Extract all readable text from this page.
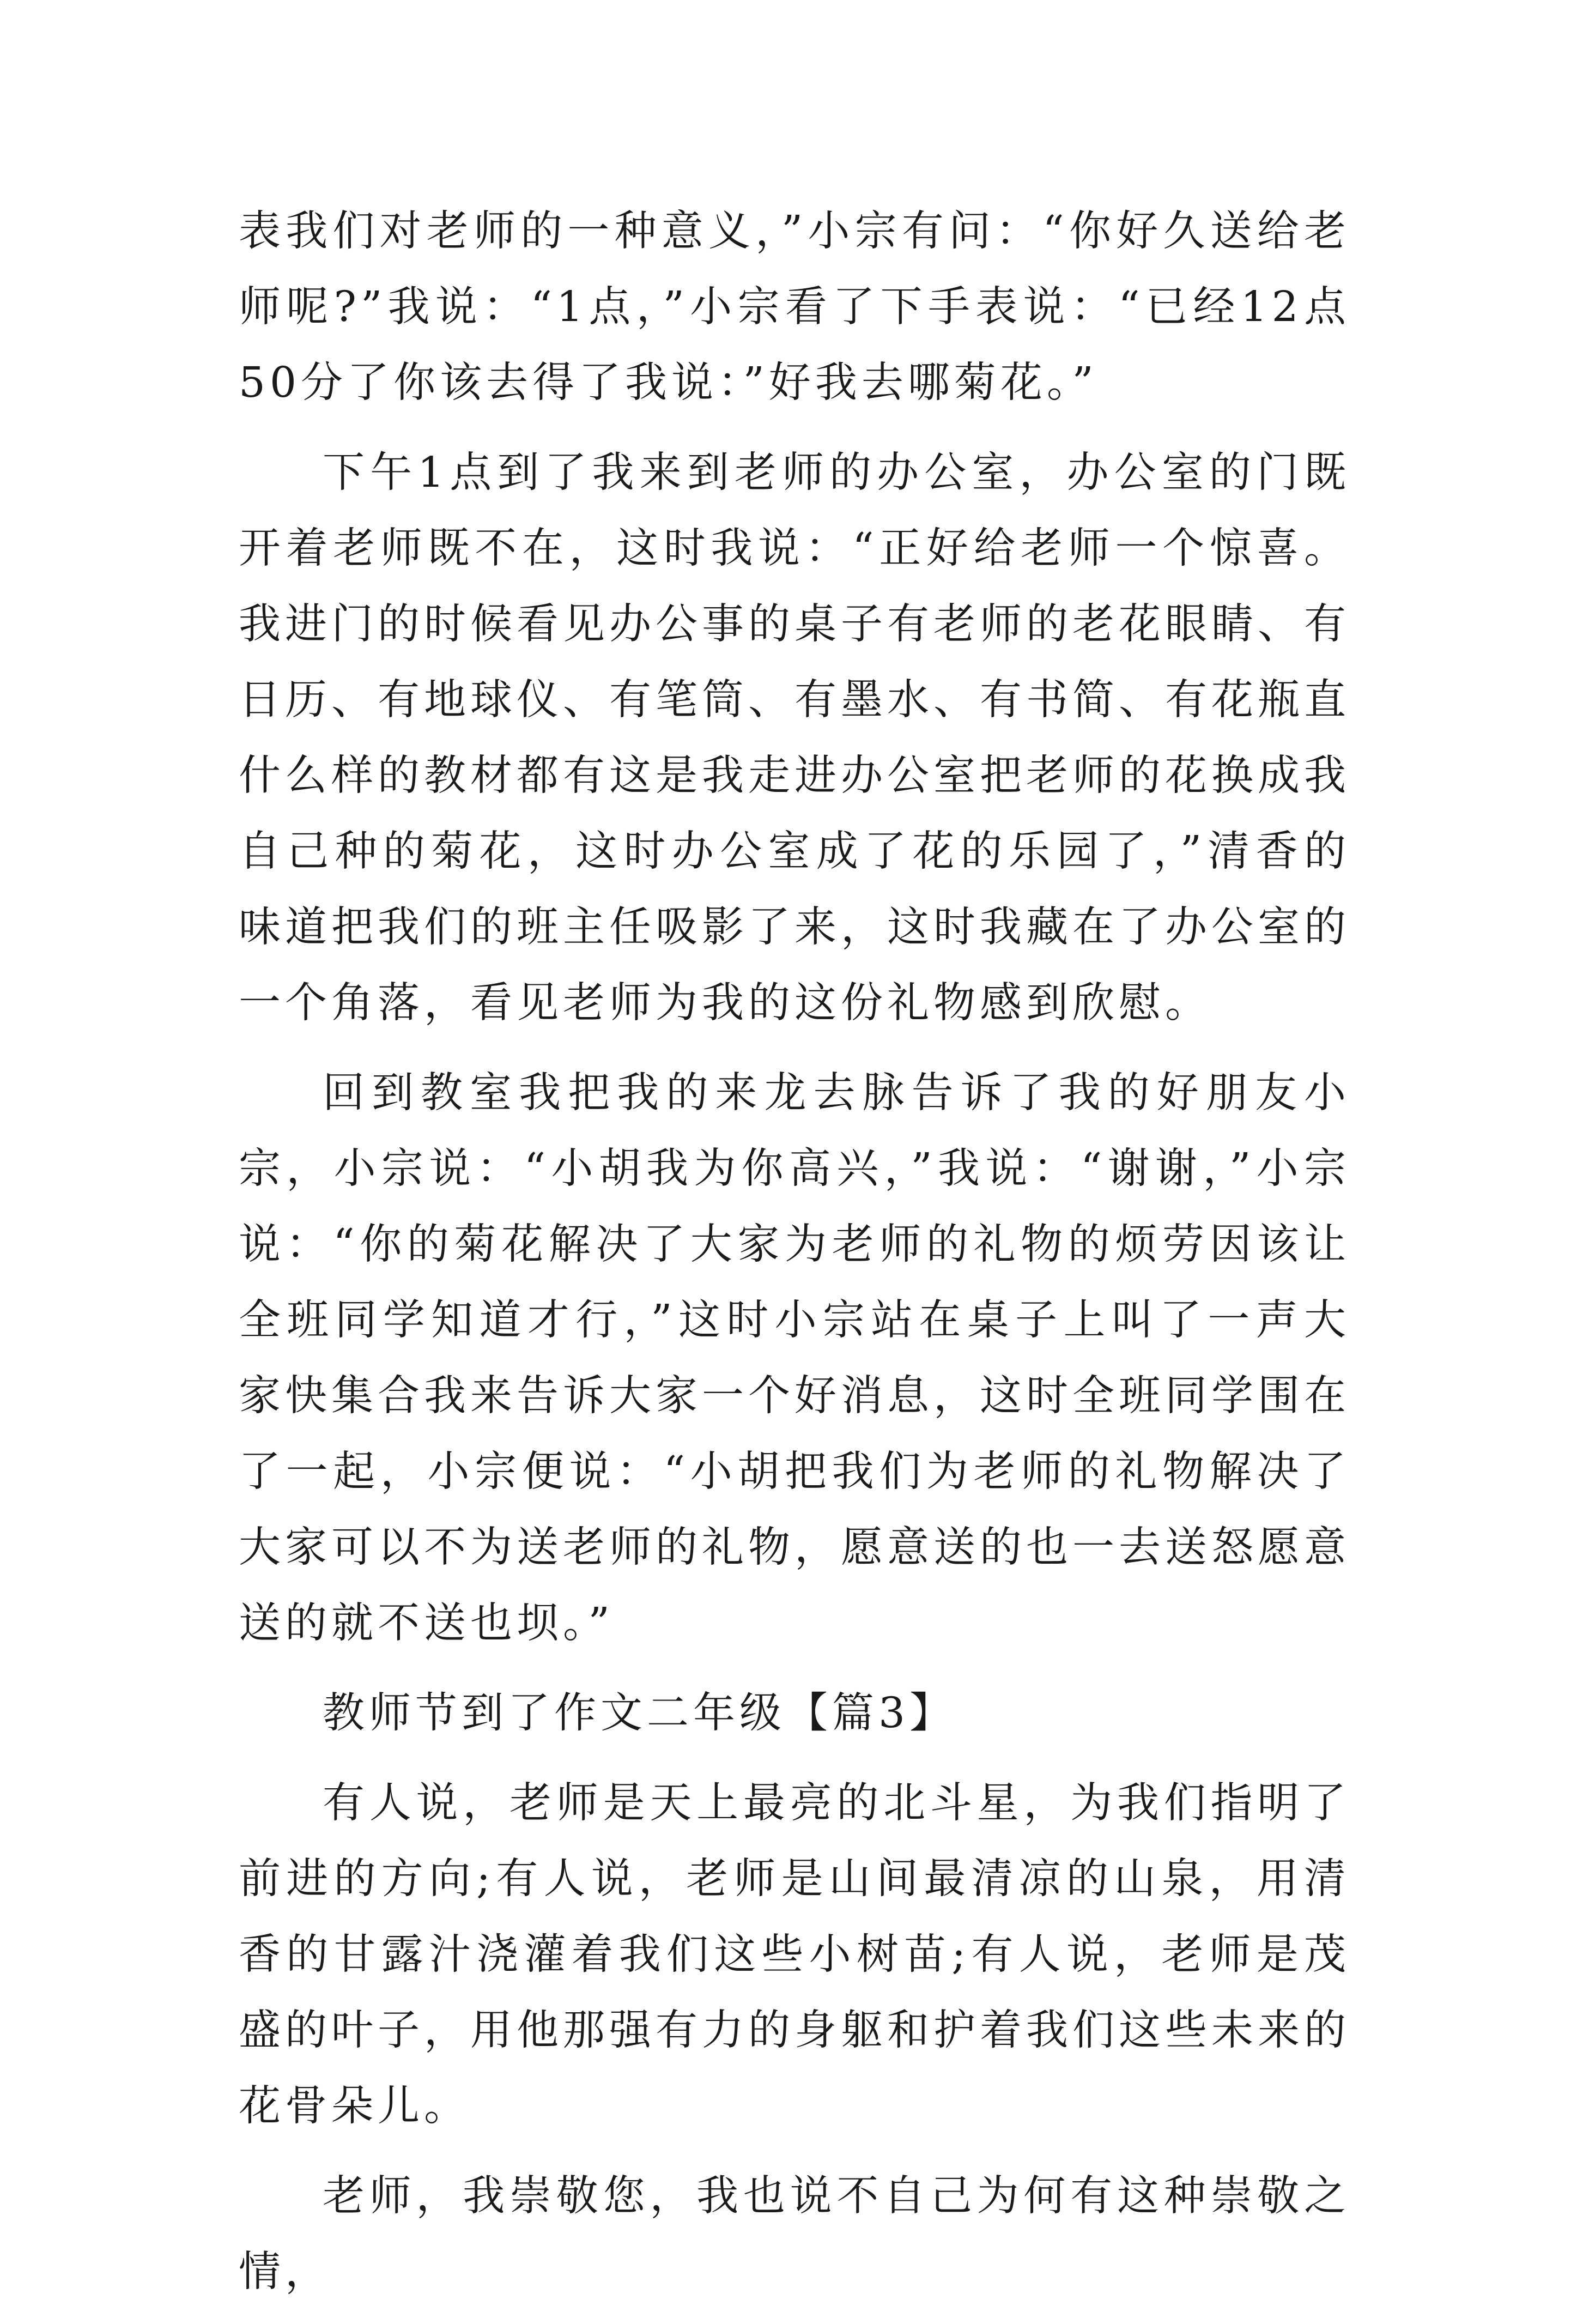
表我们对老师的一种意义，”小宗有问：“你好久送给老师呢?”我说：“1点，”小宗看了下手表说：“已经12点50分了你该去得了我说：”好我去哪菊花。”

下午1点到了我来到老师的办公室，办公室的门既开着老师既不在，这时我说：“正好给老师一个惊喜。我进门的时候看见办公事的桌子有老师的老花眼睛、有日历、有地球仪、有笔筒、有墨水、有书简、有花瓶直什么样的教材都有这是我走进办公室把老师的花换成我自己种的菊花，这时办公室成了花的乐园了，”清香的味道把我们的班主任吸影了来，这时我藏在了办公室的一个角落，看见老师为我的这份礼物感到欣慰。

回到教室我把我的来龙去脉告诉了我的好朋友小宗，小宗说：“小胡我为你高兴，”我说：“谢谢，”小宗说：“你的菊花解决了大家为老师的礼物的烦劳因该让全班同学知道才行，”这时小宗站在桌子上叫了一声大家快集合我来告诉大家一个好消息，这时全班同学围在了一起，小宗便说：“小胡把我们为老师的礼物解决了大家可以不为送老师的礼物，愿意送的也一去送怒愿意送的就不送也坝。”

教师节到了作文二年级【篇3】

有人说，老师是天上最亮的北斗星，为我们指明了前进的方向;有人说，老师是山间最清凉的山泉，用清香的甘露汁浇灌着我们这些小树苗;有人说，老师是茂盛的叶子，用他那强有力的身躯和护着我们这些未来的花骨朵儿。

老师，我崇敬您，我也说不自己为何有这种崇敬之情，
